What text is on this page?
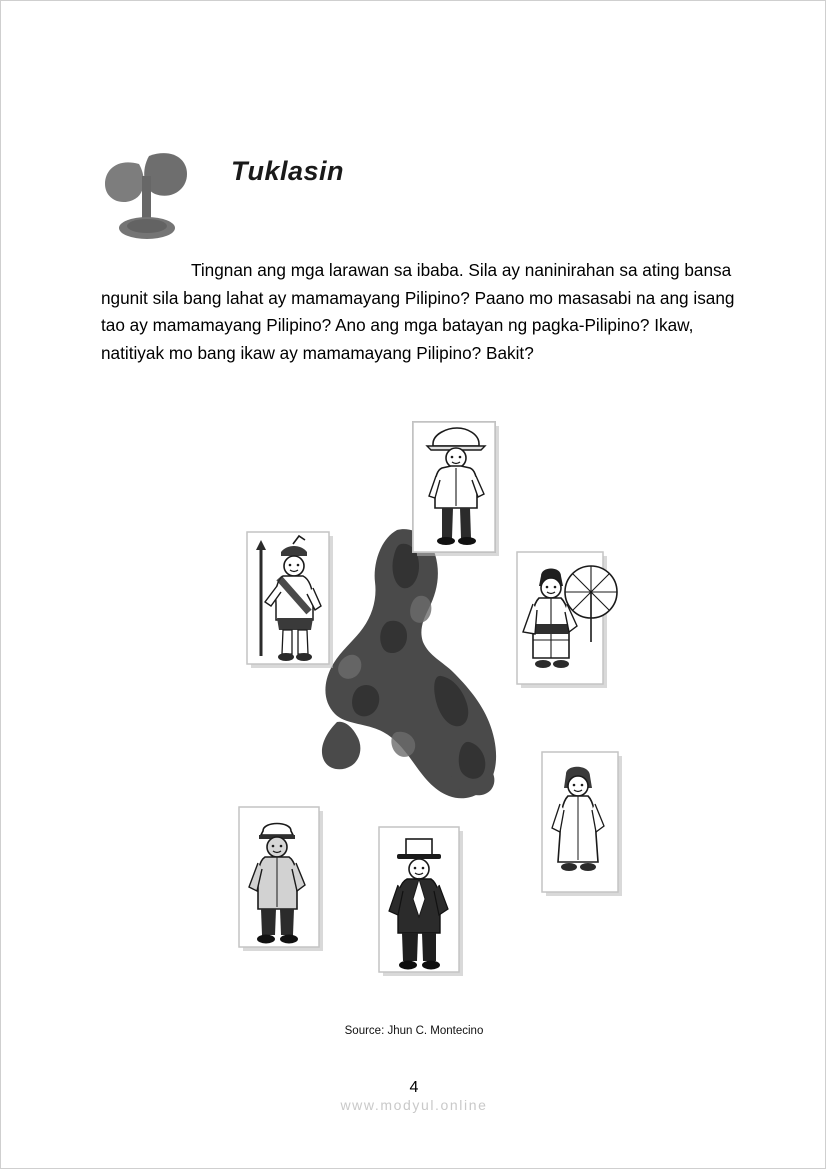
Tuklasin
Tingnan ang mga larawan sa ibaba. Sila ay naninirahan sa ating bansa ngunit sila bang lahat ay mamamayang Pilipino? Paano mo masasabi na ang isang tao ay mamamayang Pilipino? Ano ang mga batayan ng pagka-Pilipino? Ikaw, natitiyak mo bang ikaw ay mamamayang Pilipino? Bakit?
Source: Jhun C. Montecino
4
www.modyul.online
